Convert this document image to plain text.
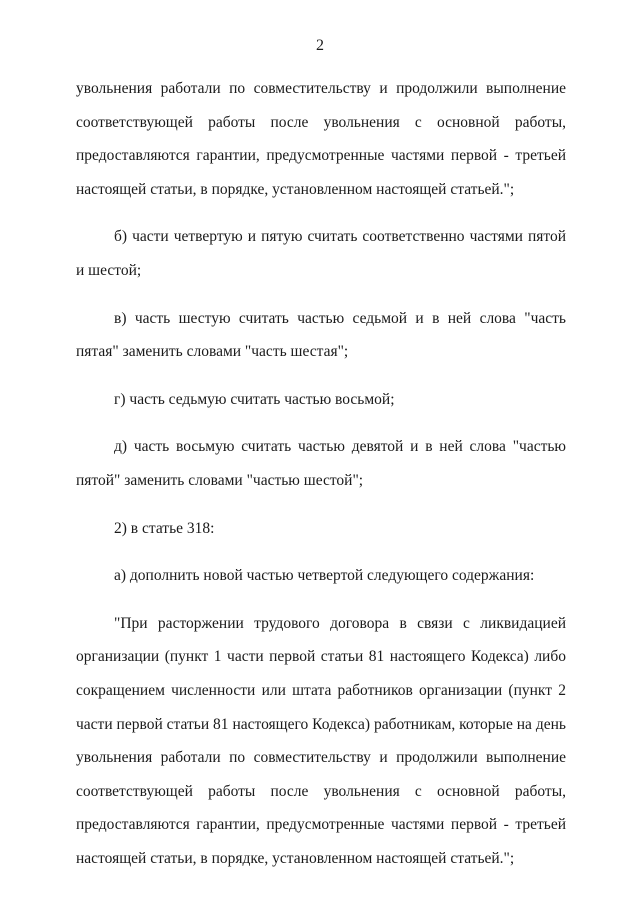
2

увольнения работали по совместительству и продолжили выполнение соответствующей работы после увольнения с основной работы, предоставляются гарантии, предусмотренные частями первой - третьей настоящей статьи, в порядке, установленном настоящей статьей.";

б) части четвертую и пятую считать соответственно частями пятой и шестой;

в) часть шестую считать частью седьмой и в ней слова "часть пятая" заменить словами "часть шестая";

г) часть седьмую считать частью восьмой;

д) часть восьмую считать частью девятой и в ней слова "частью пятой" заменить словами "частью шестой";

2) в статье 318:

а) дополнить новой частью четвертой следующего содержания:

"При расторжении трудового договора в связи с ликвидацией организации (пункт 1 части первой статьи 81 настоящего Кодекса) либо сокращением численности или штата работников организации (пункт 2 части первой статьи 81 настоящего Кодекса) работникам, которые на день увольнения работали по совместительству и продолжили выполнение соответствующей работы после увольнения с основной работы, предоставляются гарантии, предусмотренные частями первой - третьей настоящей статьи, в порядке, установленном настоящей статьей.";
